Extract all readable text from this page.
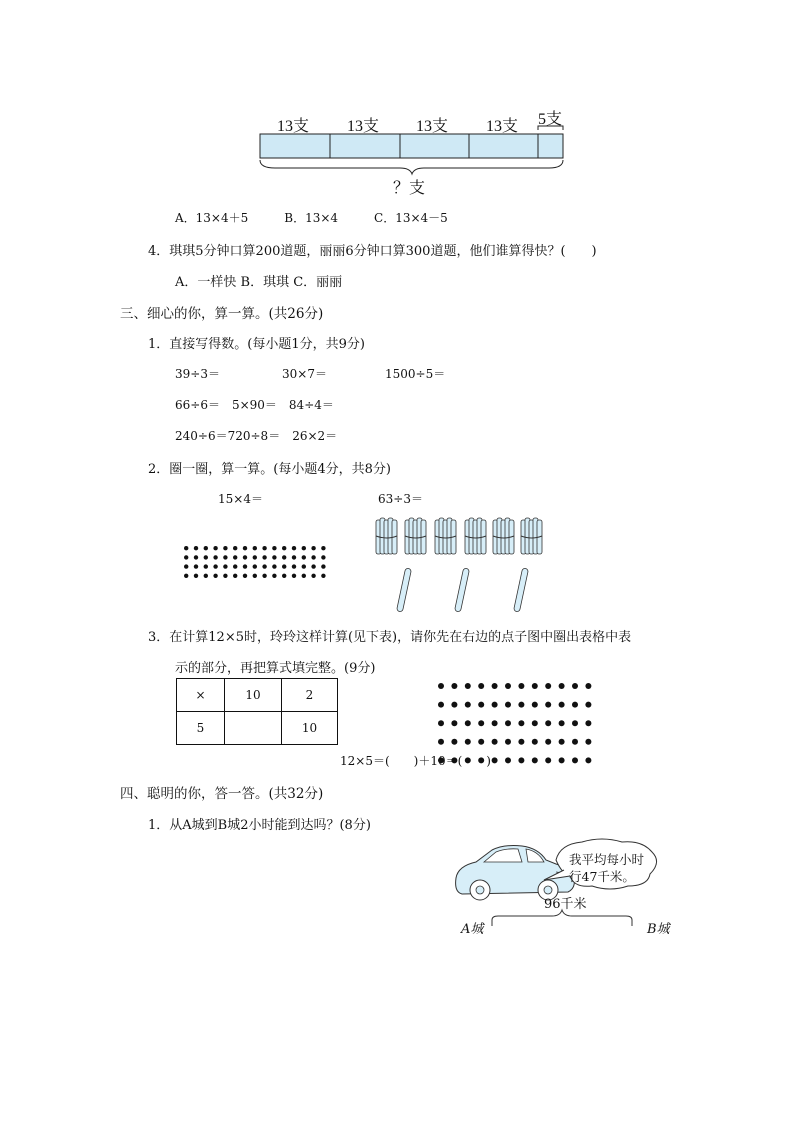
13支 13支 13支 13支 5支
？支
A．13×4＋5　　　B．13×4　　　C．13×4－5
4．琪琪5分钟口算200道题，丽丽6分钟口算300道题，他们谁算得快？(　　)
A．一样快 B．琪琪 C．丽丽
三、细心的你，算一算。(共26分)
1．直接写得数。(每小题1分，共9分)
39÷3＝	30×7＝	1500÷5＝
66÷6＝　5×90＝　84÷4＝
240÷6＝720÷8＝　26×2＝
2．圈一圈，算一算。(每小题4分，共8分)
15×4＝	63÷3＝
3．在计算12×5时，玲玲这样计算(见下表)，请你先在右边的点子图中圈出表格中表
示的部分，再把算式填完整。(9分)
×	10	2
5		10
12×5＝(　　)＋10＝(　　)
四、聪明的你，答一答。(共32分)
1．从A城到B城2小时能到达吗？(8分)
我平均每小时
行47千米。
96千米
A城	B城
